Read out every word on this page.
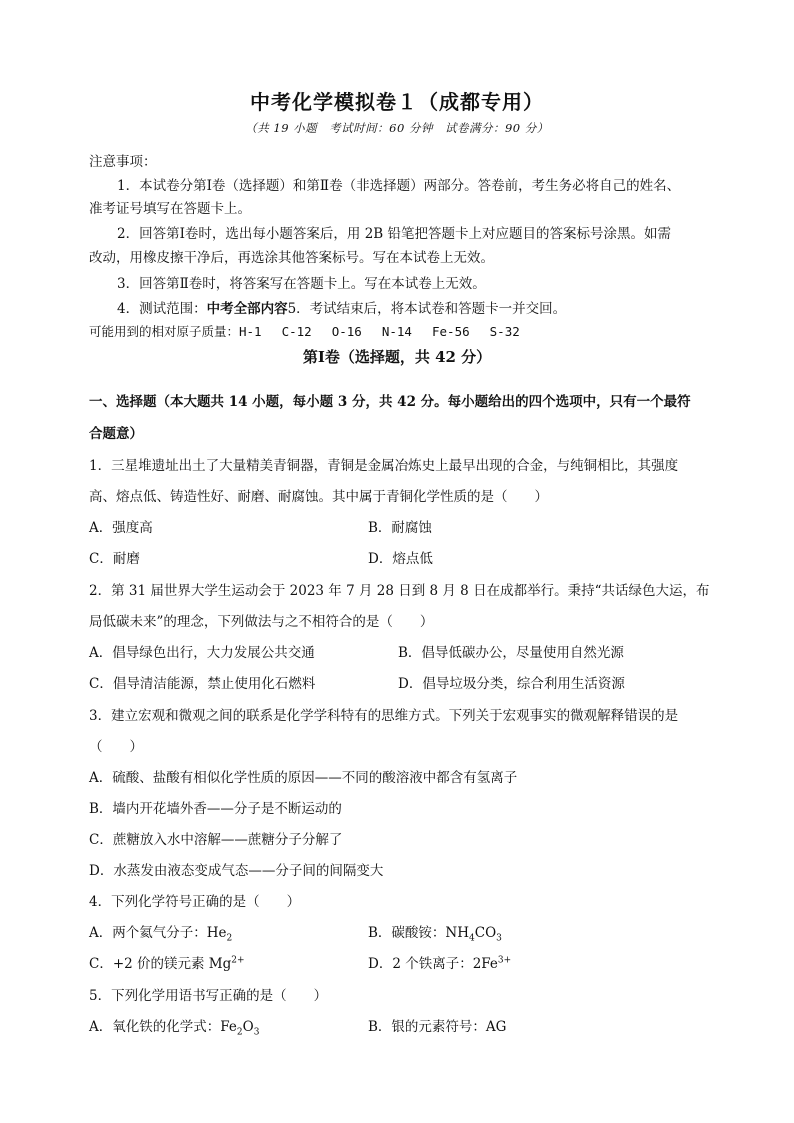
中考化学模拟卷１（成都专用）
（共 19 小题　考试时间：60 分钟　试卷满分：90 分）
注意事项：
1．本试卷分第Ⅰ卷（选择题）和第Ⅱ卷（非选择题）两部分。答卷前，考生务必将自己的姓名、
准考证号填写在答题卡上。
2．回答第Ⅰ卷时，选出每小题答案后，用 2B 铅笔把答题卡上对应题目的答案标号涂黑。如需
改动，用橡皮擦干净后，再选涂其他答案标号。写在本试卷上无效。
3．回答第Ⅱ卷时，将答案写在答题卡上。写在本试卷上无效。
4．测试范围：中考全部内容5．考试结束后，将本试卷和答题卡一并交回。
可能用到的相对原子质量：H-1　 C-12　 O-16　 N-14　 Fe-56　 S-32
第Ⅰ卷（选择题，共 42 分）
一、选择题（本大题共 14 小题，每小题 3 分，共 42 分。每小题给出的四个选项中，只有一个最符
合题意）
1．三星堆遗址出土了大量精美青铜器，青铜是金属冶炼史上最早出现的合金，与纯铜相比，其强度
高、熔点低、铸造性好、耐磨、耐腐蚀。其中属于青铜化学性质的是（　　）
A．强度高	B．耐腐蚀
C．耐磨	D．熔点低
2．第 31 届世界大学生运动会于 2023 年 7 月 28 日到 8 月 8 日在成都举行。秉持“共话绿色大运，布
局低碳未来”的理念，下列做法与之不相符合的是（　　）
A．倡导绿色出行，大力发展公共交通	B．倡导低碳办公，尽量使用自然光源
C．倡导清洁能源，禁止使用化石燃料	D．倡导垃圾分类，综合利用生活资源
3．建立宏观和微观之间的联系是化学学科特有的思维方式。下列关于宏观事实的微观解释错误的是
（　　）
A．硫酸、盐酸有相似化学性质的原因——不同的酸溶液中都含有氢离子
B．墙内开花墙外香——分子是不断运动的
C．蔗糖放入水中溶解——蔗糖分子分解了
D．水蒸发由液态变成气态——分子间的间隔变大
4．下列化学符号正确的是（　　）
A．两个氦气分子：$He_2$	B．碳酸铵：$NH_4CO_3$
C．+2 价的镁元素 $Mg^{2+}$	D．2 个铁离子：$2Fe^{3+}$
5．下列化学用语书写正确的是（　　）
A．氧化铁的化学式：$Fe_2O_3$	B．银的元素符号：AG
